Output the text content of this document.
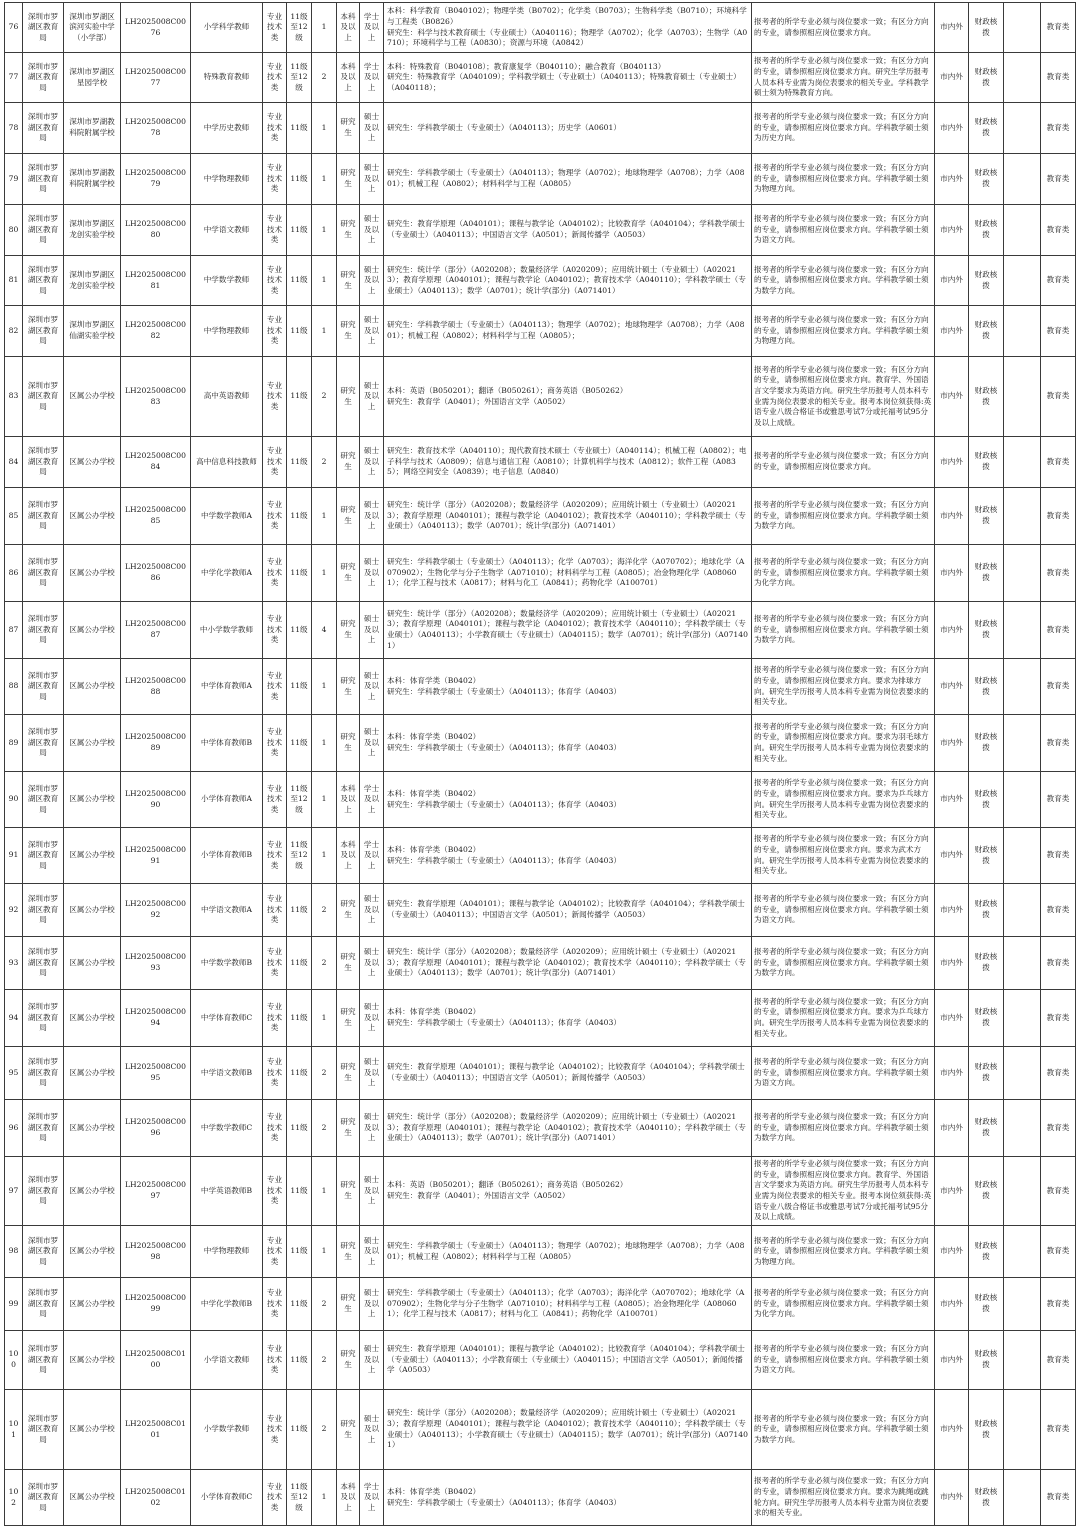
76	深圳市罗湖区教育局	深圳市罗湖区滨河实验中学（小学部）	LH2025008C0076	小学科学教师	专业技术类	11级至12级	1	本科及以上	学士及以上	本科：科学教育（B040102）；物理学类（B0702）；化学类（B0703）；生物科学类（B0710）；环境科学与工程类（B0826）
研究生：科学与技术教育硕士（专业硕士）（A040116）；物理学（A0702）；化学（A0703）；生物学（A0710）；环境科学与工程（A0830）；资源与环境（A0842）	报考者的所学专业必须与岗位要求一致；有区分方向的专业，请参照相应岗位要求方向。	市内外	财政核拨		教育类
77	深圳市罗湖区教育局	深圳市罗湖区星园学校	LH2025008C0077	特殊教育教师	专业技术类	11级至12级	2	本科及以上	学士及以上	本科：特殊教育（B040108）；教育康复学（B040110）；融合教育（B040113）
研究生：特殊教育学（A040109）；学科教学硕士（专业硕士）（A040113）；特殊教育硕士（专业硕士）（A040118）；	报考者的所学专业必须与岗位要求一致；有区分方向的专业，请参照相应岗位要求方向。研究生学历报考人员本科专业需为岗位表要求的相关专业。学科教学硕士须为特殊教育方向。	市内外	财政核拨		教育类
78	深圳市罗湖区教育局	深圳市罗湖教科院附属学校	LH2025008C0078	中学历史教师	专业技术类	11级	1	研究生	硕士及以上	研究生：学科教学硕士（专业硕士）（A040113）；历史学（A0601）	报考者的所学专业必须与岗位要求一致；有区分方向的专业，请参照相应岗位要求方向。学科教学硕士须为历史方向。	市内外	财政核拨		教育类
79	深圳市罗湖区教育局	深圳市罗湖教科院附属学校	LH2025008C0079	中学物理教师	专业技术类	11级	1	研究生	硕士及以上	研究生：学科教学硕士（专业硕士）（A040113）；物理学（A0702）；地球物理学（A0708）；力学（A0801）；机械工程（A0802）；材料科学与工程（A0805）	报考者的所学专业必须与岗位要求一致；有区分方向的专业，请参照相应岗位要求方向。学科教学硕士须为物理方向。	市内外	财政核拨		教育类
80	深圳市罗湖区教育局	深圳市罗湖区龙创实验学校	LH2025008C0080	中学语文教师	专业技术类	11级	1	研究生	硕士及以上	研究生：教育学原理（A040101）；课程与教学论（A040102）；比较教育学（A040104）；学科教学硕士（专业硕士）（A040113）；中国语言文学（A0501）；新闻传播学（A0503）	报考者的所学专业必须与岗位要求一致；有区分方向的专业，请参照相应岗位要求方向。学科教学硕士须为语文方向。	市内外	财政核拨		教育类
81	深圳市罗湖区教育局	深圳市罗湖区龙创实验学校	LH2025008C0081	中学数学教师	专业技术类	11级	1	研究生	硕士及以上	研究生：统计学（部分）（A020208）；数量经济学（A020209）；应用统计硕士（专业硕士）（A020213）；教育学原理（A040101）；课程与教学论（A040102）；教育技术学（A040110）；学科教学硕士（专业硕士）（A040113）；数学（A0701）；统计学(部分)（A071401）	报考者的所学专业必须与岗位要求一致；有区分方向的专业，请参照相应岗位要求方向。学科教学硕士须为数学方向。	市内外	财政核拨		教育类
82	深圳市罗湖区教育局	深圳市罗湖区仙湖实验学校	LH2025008C0082	中学物理教师	专业技术类	11级	1	研究生	硕士及以上	研究生：学科教学硕士（专业硕士）（A040113）；物理学（A0702）；地球物理学（A0708）；力学（A0801）；机械工程（A0802）；材料科学与工程（A0805）；	报考者的所学专业必须与岗位要求一致；有区分方向的专业，请参照相应岗位要求方向。学科教学硕士须为物理方向。	市内外	财政核拨		教育类
83	深圳市罗湖区教育局	区属公办学校	LH2025008C0083	高中英语教师	专业技术类	11级	2	研究生	硕士及以上	本科：英语（B050201）；翻译（B050261）；商务英语（B050262）
研究生：教育学（A0401）；外国语言文学（A0502）	报考者的所学专业必须与岗位要求一致；有区分方向的专业，请参照相应岗位要求方向。教育学、外国语言文学要求为英语方向。研究生学历报考人员本科专业需为岗位表要求的相关专业。报考本岗位须获得:英语专业八级合格证书或雅思考试7分或托福考试95分及以上成绩。	市内外	财政核拨		教育类
84	深圳市罗湖区教育局	区属公办学校	LH2025008C0084	高中信息科技教师	专业技术类	11级	2	研究生	硕士及以上	研究生：教育技术学（A040110）；现代教育技术硕士（专业硕士）（A040114）；机械工程（A0802）；电子科学与技术（A0809）；信息与通信工程（A0810）；计算机科学与技术（A0812）；软件工程（A0835）；网络空间安全（A0839）；电子信息（A0840）	报考者的所学专业必须与岗位要求一致；有区分方向的专业，请参照相应岗位要求方向。	市内外	财政核拨		教育类
85	深圳市罗湖区教育局	区属公办学校	LH2025008C0085	中学数学教师A	专业技术类	11级	1	研究生	硕士及以上	研究生：统计学（部分）（A020208）；数量经济学（A020209）；应用统计硕士（专业硕士）（A020213）；教育学原理（A040101）；课程与教学论（A040102）；教育技术学（A040110）；学科教学硕士（专业硕士）（A040113）；数学（A0701）；统计学(部分)（A071401）	报考者的所学专业必须与岗位要求一致；有区分方向的专业，请参照相应岗位要求方向。学科教学硕士须为数学方向。	市内外	财政核拨		教育类
86	深圳市罗湖区教育局	区属公办学校	LH2025008C0086	中学化学教师A	专业技术类	11级	1	研究生	硕士及以上	研究生：学科教学硕士（专业硕士）（A040113）；化学（A0703）；海洋化学（A070702）；地球化学（A070902）；生物化学与分子生物学（A071010）；材料科学与工程（A0805）；冶金物理化学（A080601）；化学工程与技术（A0817）；材料与化工（A0841）；药物化学（A100701）	报考者的所学专业必须与岗位要求一致；有区分方向的专业，请参照相应岗位要求方向。学科教学硕士须为化学方向。	市内外	财政核拨		教育类
87	深圳市罗湖区教育局	区属公办学校	LH2025008C0087	中小学数学教师	专业技术类	11级	4	研究生	硕士及以上	研究生：统计学（部分）（A020208）；数量经济学（A020209）；应用统计硕士（专业硕士）（A020213）；教育学原理（A040101）；课程与教学论（A040102）；教育技术学（A040110）；学科教学硕士（专业硕士）（A040113）；小学教育硕士（专业硕士）（A040115）；数学（A0701）；统计学(部分)（A071401）	报考者的所学专业必须与岗位要求一致；有区分方向的专业，请参照相应岗位要求方向。学科教学硕士须为数学方向。	市内外	财政核拨		教育类
88	深圳市罗湖区教育局	区属公办学校	LH2025008C0088	中学体育教师A	专业技术类	11级	1	研究生	硕士及以上	本科：体育学类（B0402）
研究生：学科教学硕士（专业硕士）（A040113）；体育学（A0403）	报考者的所学专业必须与岗位要求一致；有区分方向的专业，请参照相应岗位要求方向。要求为排球方向。研究生学历报考人员本科专业需为岗位表要求的相关专业。	市内外	财政核拨		教育类
89	深圳市罗湖区教育局	区属公办学校	LH2025008C0089	中学体育教师B	专业技术类	11级	1	研究生	硕士及以上	本科：体育学类（B0402）
研究生：学科教学硕士（专业硕士）（A040113）；体育学（A0403）	报考者的所学专业必须与岗位要求一致；有区分方向的专业，请参照相应岗位要求方向。要求为羽毛球方向。研究生学历报考人员本科专业需为岗位表要求的相关专业。	市内外	财政核拨		教育类
90	深圳市罗湖区教育局	区属公办学校	LH2025008C0090	小学体育教师A	专业技术类	11级至12级	1	本科及以上	学士及以上	本科：体育学类（B0402）
研究生：学科教学硕士（专业硕士）（A040113）；体育学（A0403）	报考者的所学专业必须与岗位要求一致；有区分方向的专业，请参照相应岗位要求方向。要求为乒乓球方向。研究生学历报考人员本科专业需为岗位表要求的相关专业。	市内外	财政核拨		教育类
91	深圳市罗湖区教育局	区属公办学校	LH2025008C0091	小学体育教师B	专业技术类	11级至12级	1	本科及以上	学士及以上	本科：体育学类（B0402）
研究生：学科教学硕士（专业硕士）（A040113）；体育学（A0403）	报考者的所学专业必须与岗位要求一致；有区分方向的专业，请参照相应岗位要求方向。要求为武术方向。研究生学历报考人员本科专业需为岗位表要求的相关专业。	市内外	财政核拨		教育类
92	深圳市罗湖区教育局	区属公办学校	LH2025008C0092	中学语文教师A	专业技术类	11级	2	研究生	硕士及以上	研究生：教育学原理（A040101）；课程与教学论（A040102）；比较教育学（A040104）；学科教学硕士（专业硕士）（A040113）；中国语言文学（A0501）；新闻传播学（A0503）	报考者的所学专业必须与岗位要求一致；有区分方向的专业，请参照相应岗位要求方向。学科教学硕士须为语文方向。	市内外	财政核拨		教育类
93	深圳市罗湖区教育局	区属公办学校	LH2025008C0093	中学数学教师B	专业技术类	11级	2	研究生	硕士及以上	研究生：统计学（部分）（A020208）；数量经济学（A020209）；应用统计硕士（专业硕士）（A020213）；教育学原理（A040101）；课程与教学论（A040102）；教育技术学（A040110）；学科教学硕士（专业硕士）（A040113）；数学（A0701）；统计学(部分)（A071401）	报考者的所学专业必须与岗位要求一致；有区分方向的专业，请参照相应岗位要求方向。学科教学硕士须为数学方向。	市内外	财政核拨		教育类
94	深圳市罗湖区教育局	区属公办学校	LH2025008C0094	中学体育教师C	专业技术类	11级	1	研究生	硕士及以上	本科：体育学类（B0402）
研究生：学科教学硕士（专业硕士）（A040113）；体育学（A0403）	报考者的所学专业必须与岗位要求一致；有区分方向的专业，请参照相应岗位要求方向。要求为乒乓球方向。研究生学历报考人员本科专业需为岗位表要求的相关专业。	市内外	财政核拨		教育类
95	深圳市罗湖区教育局	区属公办学校	LH2025008C0095	中学语文教师B	专业技术类	11级	2	研究生	硕士及以上	研究生：教育学原理（A040101）；课程与教学论（A040102）；比较教育学（A040104）；学科教学硕士（专业硕士）（A040113）；中国语言文学（A0501）；新闻传播学（A0503）	报考者的所学专业必须与岗位要求一致；有区分方向的专业，请参照相应岗位要求方向。学科教学硕士须为语文方向。	市内外	财政核拨		教育类
96	深圳市罗湖区教育局	区属公办学校	LH2025008C0096	中学数学教师C	专业技术类	11级	2	研究生	硕士及以上	研究生：统计学（部分）（A020208）；数量经济学（A020209）；应用统计硕士（专业硕士）（A020213）；教育学原理（A040101）；课程与教学论（A040102）；教育技术学（A040110）；学科教学硕士（专业硕士）（A040113）；数学（A0701）；统计学(部分)（A071401）	报考者的所学专业必须与岗位要求一致；有区分方向的专业，请参照相应岗位要求方向。学科教学硕士须为数学方向。	市内外	财政核拨		教育类
97	深圳市罗湖区教育局	区属公办学校	LH2025008C0097	中学英语教师B	专业技术类	11级	1	研究生	硕士及以上	本科：英语（B050201）；翻译（B050261）；商务英语（B050262）
研究生：教育学（A0401）；外国语言文学（A0502）	报考者的所学专业必须与岗位要求一致；有区分方向的专业，请参照相应岗位要求方向。教育学、外国语言文学要求为英语方向。研究生学历报考人员本科专业需为岗位表要求的相关专业。报考本岗位须获得:英语专业八级合格证书或雅思考试7分或托福考试95分及以上成绩。	市内外	财政核拨		教育类
98	深圳市罗湖区教育局	区属公办学校	LH2025008C0098	中学物理教师	专业技术类	11级	1	研究生	硕士及以上	研究生：学科教学硕士（专业硕士）（A040113）；物理学（A0702）；地球物理学（A0708）；力学（A0801）；机械工程（A0802）；材料科学与工程（A0805）	报考者的所学专业必须与岗位要求一致；有区分方向的专业，请参照相应岗位要求方向。学科教学硕士须为物理方向。	市内外	财政核拨		教育类
99	深圳市罗湖区教育局	区属公办学校	LH2025008C0099	中学化学教师B	专业技术类	11级	2	研究生	硕士及以上	研究生：学科教学硕士（专业硕士）（A040113）；化学（A0703）；海洋化学（A070702）；地球化学（A070902）；生物化学与分子生物学（A071010）；材料科学与工程（A0805）；冶金物理化学（A080601）；化学工程与技术（A0817）；材料与化工（A0841）；药物化学（A100701）	报考者的所学专业必须与岗位要求一致；有区分方向的专业，请参照相应岗位要求方向。学科教学硕士须为化学方向。	市内外	财政核拨		教育类
100	深圳市罗湖区教育局	区属公办学校	LH2025008C0100	小学语文教师	专业技术类	11级	2	研究生	硕士及以上	研究生：教育学原理（A040101）；课程与教学论（A040102）；比较教育学（A040104）；学科教学硕士（专业硕士）（A040113）；小学教育硕士（专业硕士）（A040115）；中国语言文学（A0501）；新闻传播学（A0503）	报考者的所学专业必须与岗位要求一致；有区分方向的专业，请参照相应岗位要求方向。学科教学硕士须为语文方向。	市内外	财政核拨		教育类
101	深圳市罗湖区教育局	区属公办学校	LH2025008C0101	小学数学教师	专业技术类	11级	2	研究生	硕士及以上	研究生：统计学（部分）（A020208）；数量经济学（A020209）；应用统计硕士（专业硕士）（A020213）；教育学原理（A040101）；课程与教学论（A040102）；教育技术学（A040110）；学科教学硕士（专业硕士）（A040113）；小学教育硕士（专业硕士）（A040115）；数学（A0701）；统计学(部分)（A071401）	报考者的所学专业必须与岗位要求一致；有区分方向的专业，请参照相应岗位要求方向。学科教学硕士须为数学方向。	市内外	财政核拨		教育类
102	深圳市罗湖区教育局	区属公办学校	LH2025008C0102	小学体育教师C	专业技术类	11级至12级	1	本科及以上	学士及以上	本科：体育学类（B0402）
研究生：学科教学硕士（专业硕士）（A040113）；体育学（A0403）	报考者的所学专业必须与岗位要求一致；有区分方向的专业，请参照相应岗位要求方向。要求为跳绳或跳轮方向。研究生学历报考人员本科专业需为岗位表要求的相关专业。	市内外	财政核拨		教育类
